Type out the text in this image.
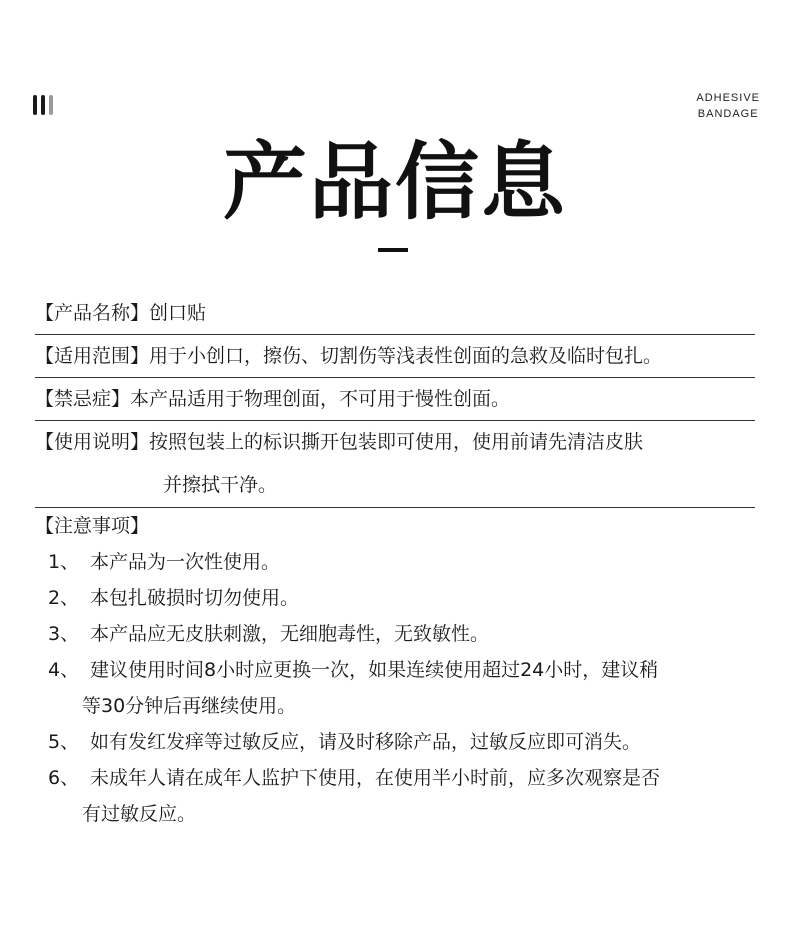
ADHESIVE
BANDAGE
产品信息
【产品名称】创口贴
【适用范围】用于小创口，擦伤、切割伤等浅表性创面的急救及临时包扎。
【禁忌症】本产品适用于物理创面，不可用于慢性创面。
【使用说明】按照包装上的标识撕开包装即可使用，使用前请先清洁皮肤
并擦拭干净。
【注意事项】
1、 本产品为一次性使用。
2、 本包扎破损时切勿使用。
3、 本产品应无皮肤刺激，无细胞毒性，无致敏性。
4、 建议使用时间8小时应更换一次，如果连续使用超过24小时，建议稍
等30分钟后再继续使用。
5、 如有发红发痒等过敏反应，请及时移除产品，过敏反应即可消失。
6、 未成年人请在成年人监护下使用，在使用半小时前，应多次观察是否
有过敏反应。
